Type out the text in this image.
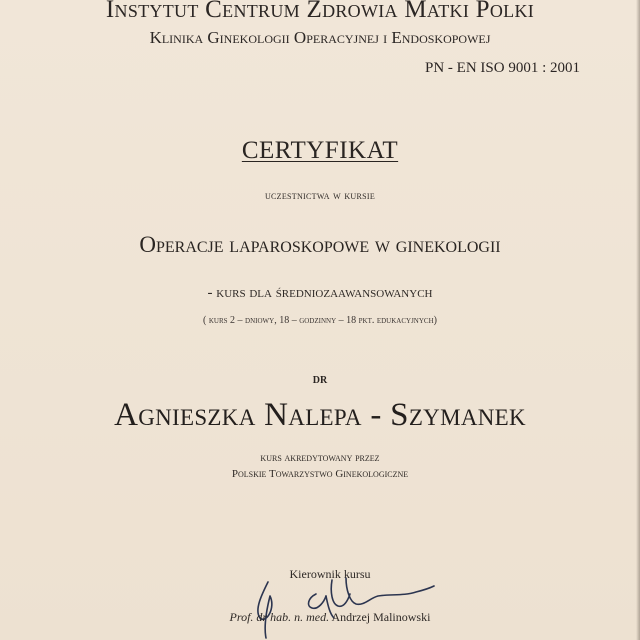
Instytut Centrum Zdrowia Matki Polki
Klinika Ginekologii Operacyjnej i Endoskopowej
PN - EN ISO 9001 : 2001
CERTYFIKAT
uczestnictwa w kursie
Operacje laparoskopowe w ginekologii
- kurs dla średniozaawansowanych
( kurs 2 – dniowy, 18 – godzinny – 18 pkt. edukacyjnych)
dr
Agnieszka Nalepa - Szymanek
kurs akredytowany przez
Polskie Towarzystwo Ginekologiczne
Kierownik kursu
Prof. dr hab. n. med. Andrzej Malinowski
